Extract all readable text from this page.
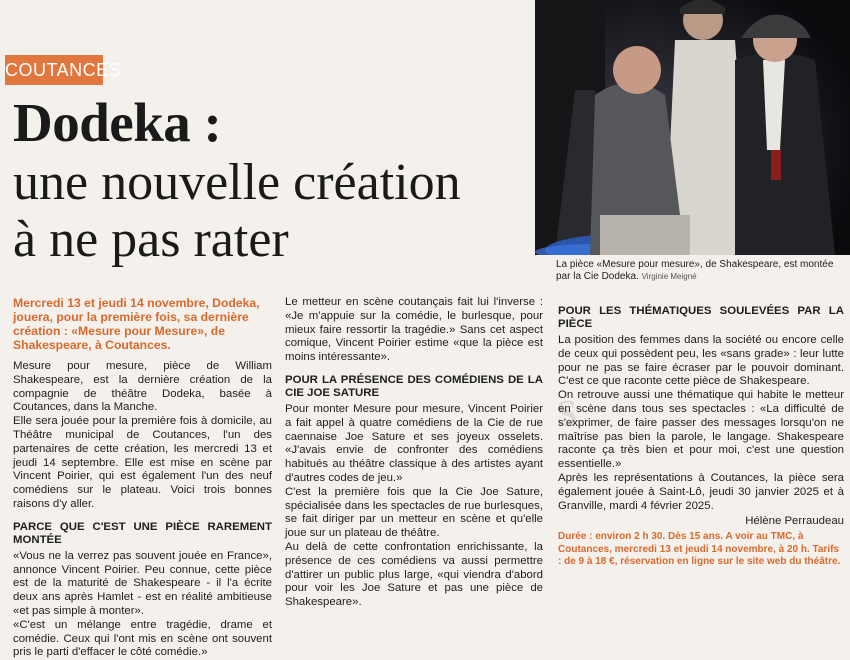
COUTANCES
Dodeka :
une nouvelle création
à ne pas rater	La pièce «Mesure pour mesure», de Shakespeare, est montée par la Cie Dodeka. Virginie Meigné
S

Mercredi 13 et jeudi 14 novembre, Dodeka, jouera, pour la première fois, sa dernière création : «Mesure pour Mesure», de Shakespeare, à Coutances.

Mesure pour mesure, pièce de William Shakespeare, est la dernière création de la compagnie de théâtre Dodeka, basée à Coutances, dans la Manche.

Elle sera jouée pour la première fois à domicile, au Théâtre municipal de Coutances, l'un des partenaires de cette création, les mercredi 13 et jeudi 14 septembre. Elle est mise en scène par Vincent Poirier, qui est également l'un des neuf comédiens sur le plateau. Voici trois bonnes raisons d'y aller.

PARCE QUE C'EST UNE PIÈCE RAREMENT MONTÉE

«Vous ne la verrez pas souvent jouée en France», annonce Vincent Poirier. Peu connue, cette pièce est de la maturité de Shakespeare - il l'a écrite deux ans après Hamlet - est en réalité ambitieuse «et pas simple à monter».

«C'est un mélange entre tragédie, drame et comédie. Ceux qui l'ont mis en scène ont souvent pris le parti d'effacer le côté comédie.»

Le metteur en scène coutançais fait lui l'inverse : «Je m'appuie sur la comédie, le burlesque, pour mieux faire ressortir la tragédie.» Sans cet aspect comique, Vincent Poirier estime «que la pièce est moins intéressante».

POUR LA PRÉSENCE DES COMÉDIENS DE LA CIE JOE SATURE

Pour monter Mesure pour mesure, Vincent Poirier a fait appel à quatre comédiens de la Cie de rue caennaise Joe Sature et ses joyeux osselets. «J'avais envie de confronter des comédiens habitués au théâtre classique à des artistes ayant d'autres codes de jeu.»

C'est la première fois que la Cie Joe Sature, spécialisée dans les spectacles de rue burlesques, se fait diriger par un metteur en scène et qu'elle joue sur un plateau de théâtre.

Au delà de cette confrontation enrichissante, la présence de ces comédiens va aussi permettre d'attirer un public plus large, «qui viendra d'abord pour voir les Joe Sature et pas une pièce de Shakespeare».

POUR LES THÉMATIQUES SOULEVÉES PAR LA PIÈCE

La position des femmes dans la société ou encore celle de ceux qui possèdent peu, les «sans grade» : leur lutte pour ne pas se faire écraser par le pouvoir dominant. C'est ce que raconte cette pièce de Shakespeare.

On retrouve aussi une thématique qui habite le metteur en scène dans tous ses spectacles : «La difficulté de s'exprimer, de faire passer des messages lorsqu'on ne maîtrise pas bien la parole, le langage. Shakespeare raconte ça très bien et pour moi, c'est une question essentielle.»

Après les représentations à Coutances, la pièce sera également jouée à Saint-Lô, jeudi 30 janvier 2025 et à Granville, mardi 4 février 2025.

Hélène Perraudeau

Durée : environ 2 h 30. Dès 15 ans. A voir au TMC, à Coutances, mercredi 13 et jeudi 14 novembre, à 20 h. Tarifs : de 9 à 18 €, réservation en ligne sur le site web du théâtre.
